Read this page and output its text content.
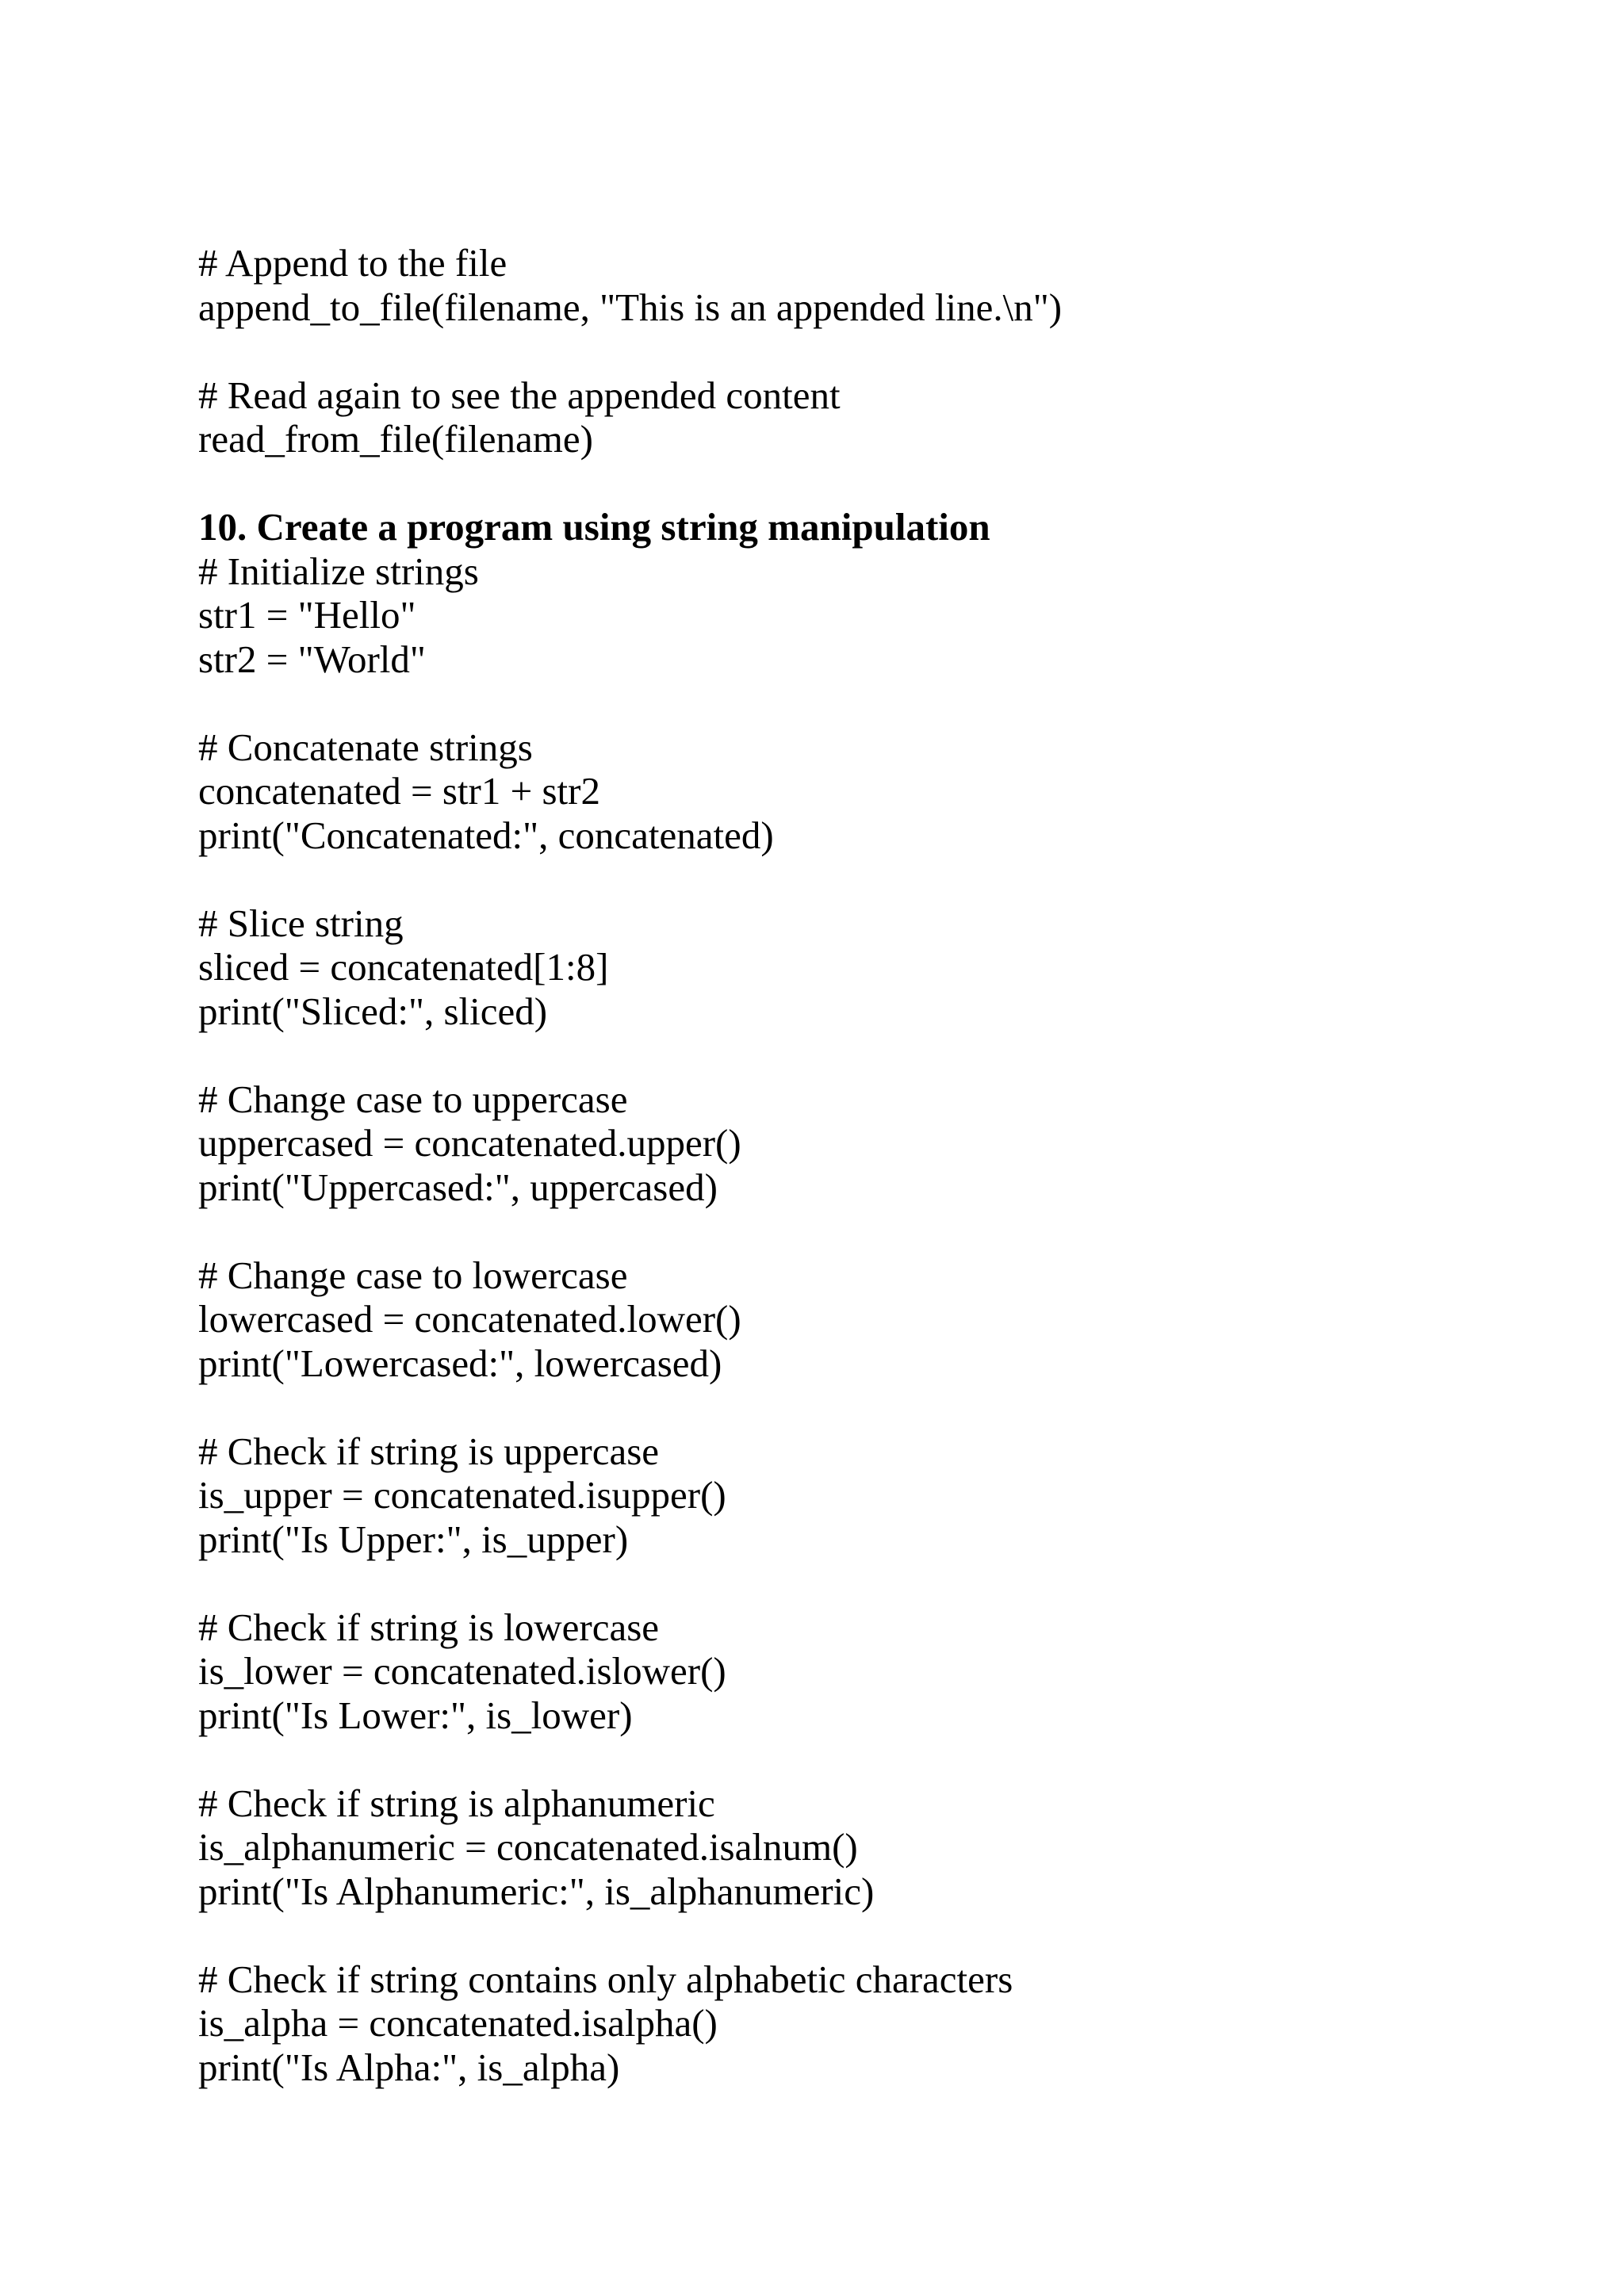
# Append to the file
append_to_file(filename, "This is an appended line.\n")
# Read again to see the appended content
read_from_file(filename)
10. Create a program using string manipulation
# Initialize strings
str1 = "Hello"
str2 = "World"
# Concatenate strings
concatenated = str1 + str2
print("Concatenated:", concatenated)
# Slice string
sliced = concatenated[1:8]
print("Sliced:", sliced)
# Change case to uppercase
uppercased = concatenated.upper()
print("Uppercased:", uppercased)
# Change case to lowercase
lowercased = concatenated.lower()
print("Lowercased:", lowercased)
# Check if string is uppercase
is_upper = concatenated.isupper()
print("Is Upper:", is_upper)
# Check if string is lowercase
is_lower = concatenated.islower()
print("Is Lower:", is_lower)
# Check if string is alphanumeric
is_alphanumeric = concatenated.isalnum()
print("Is Alphanumeric:", is_alphanumeric)
# Check if string contains only alphabetic characters
is_alpha = concatenated.isalpha()
print("Is Alpha:", is_alpha)
